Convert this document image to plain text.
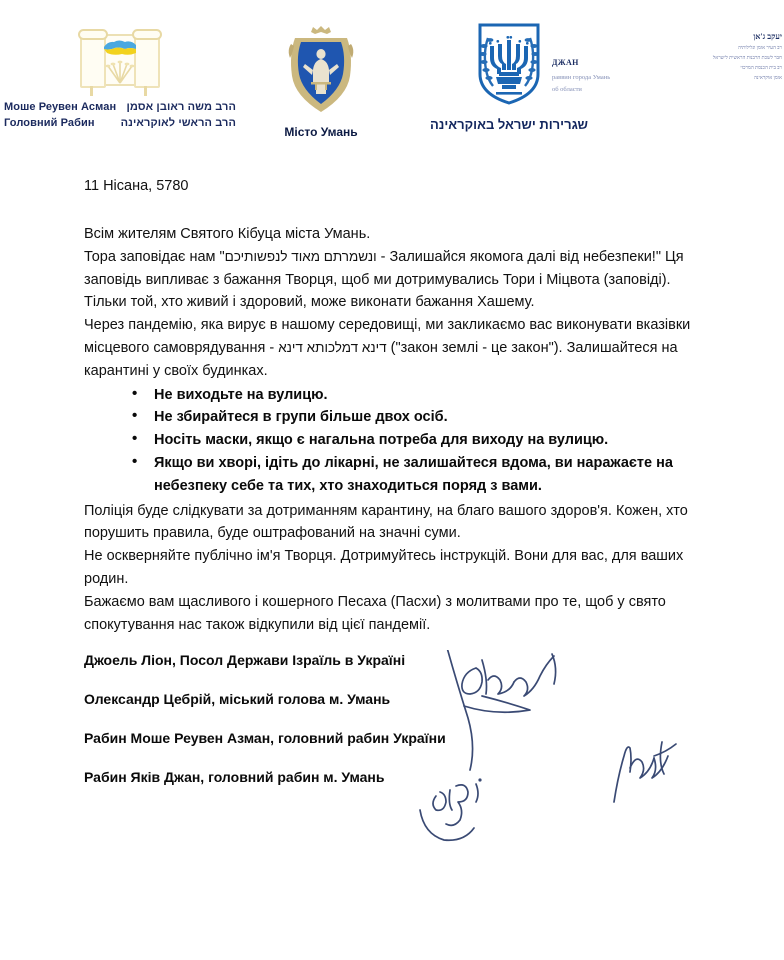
Моше Реувен Асман הרב משה ראובן אסמן
Головний Рабин הרב הראשי לאוקראינה
Місто Умань	שגרירות ישראל באוקראינה
ДЖАН
раввин города Умань
об области
יעקב ג'אן
רב העיר אומן וגלילותיה
חבר לשכת הרבנות הראשית לישראל
רב בית הכנסת המרכזי
אומן אוקראינה
11 Нісана, 5780

Всім жителям Святого Кібуца міста Умань.

Тора заповідає нам "ונשמרתם מאוד לנפשותיכם - Залишайся якомога далі від небезпеки!" Ця заповідь випливає з бажання Творця, щоб ми дотримувались Тори і Міцвота (заповіді). Тільки той, хто живий і здоровий, може виконати бажання Хашему.

Через пандемію, яка вирує в нашому середовищі, ми закликаємо вас виконувати вказівки місцевого самоврядування - דינא דמלכותא דינא ("закон землі - це закон"). Залишайтеся на карантині у своїх будинках.

• Не виходьте на вулицю.
• Не збирайтеся в групи більше двох осіб.
• Носіть маски, якщо є нагальна потреба для виходу на вулицю.
• Якщо ви хворі, ідіть до лікарні, не залишайтеся вдома, ви наражаєте на небезпеку себе та тих, хто знаходиться поряд з вами.

Поліція буде слідкувати за дотриманням карантину, на благо вашого здоров'я. Кожен, хто порушить правила, буде оштрафований на значні суми.

Не оскверняйте публічно ім'я Творця. Дотримуйтесь інструкцій. Вони для вас, для ваших родин.

Бажаємо вам щасливого і кошерного Песаха (Пасхи) з молитвами про те, щоб у свято спокутування нас також відкупили від цієї пандемії.

Джоель Ліон, Посол Держави Ізраїль в Україні
Олександр Цебрій, міський голова м. Умань
Рабин Моше Реувен Азман, головний рабин України
Рабин Яків Джан, головний рабин м. Умань
